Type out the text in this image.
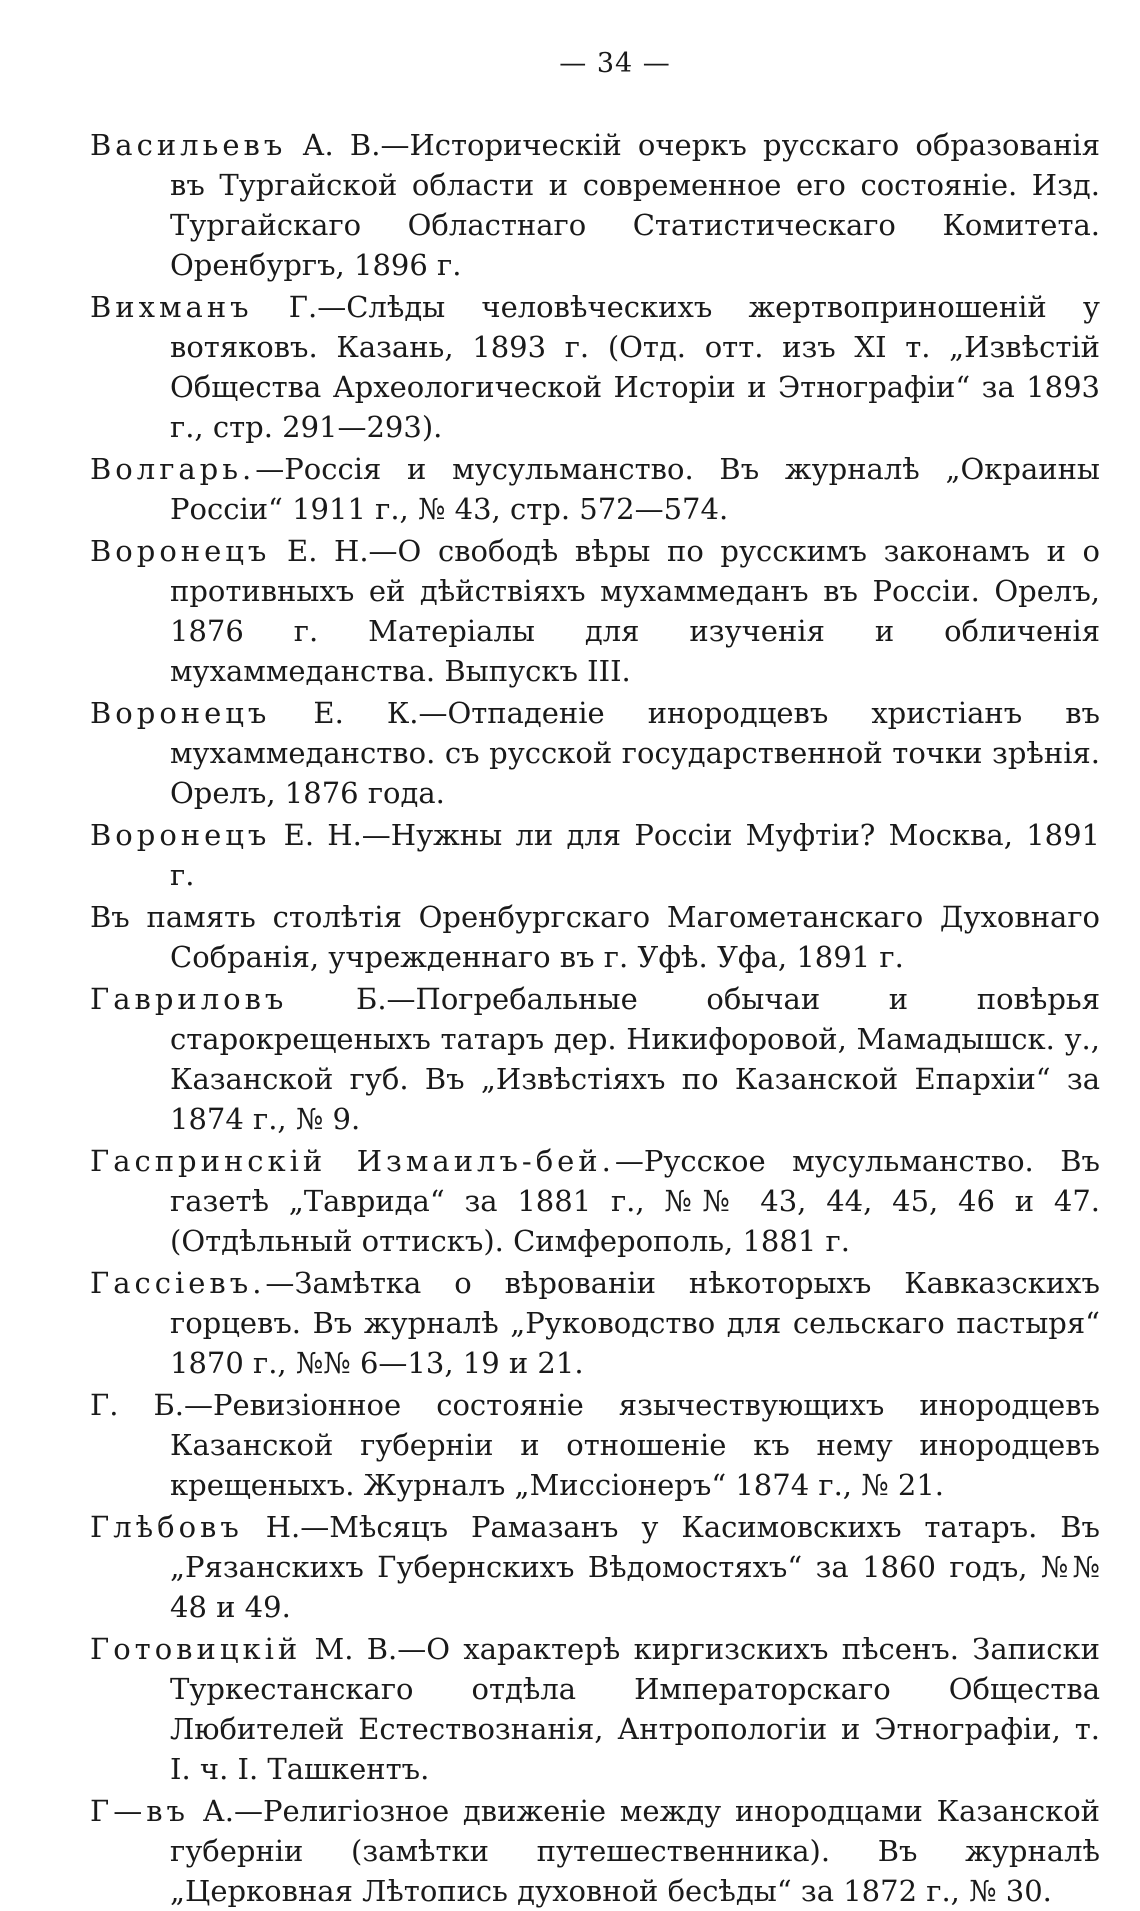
— 34 —
Васильевъ А. В.—Историческій очеркъ русскаго образованія въ Тургайской области и современное его состояніе. Изд. Тургайскаго Областнаго Статистическаго Комитета. Оренбургъ, 1896 г.
Вихманъ Г.—Слѣды человѣческихъ жертвоприношеній у вотяковъ. Казань, 1893 г. (Отд. отт. изъ XI т. „Извѣстій Общества Археологической Исторіи и Этнографіи“ за 1893 г., стр. 291—293).
Волгарь.—Россія и мусульманство. Въ журналѣ „Окраины Россіи“ 1911 г., № 43, стр. 572—574.
Воронецъ Е. Н.—О свободѣ вѣры по русскимъ законамъ и о противныхъ ей дѣйствіяхъ мухаммеданъ въ Россіи. Орелъ, 1876 г. Матеріалы для изученія и обличенія мухаммеданства. Выпускъ III.
Воронецъ Е. К.—Отпаденіе инородцевъ христіанъ въ мухаммеданство. съ русской государственной точки зрѣнія. Орелъ, 1876 года.
Воронецъ Е. Н.—Нужны ли для Россіи Муфтіи? Москва, 1891 г.
Въ память столѣтія Оренбургскаго Магометанскаго Духовнаго Собранія, учрежденнаго въ г. Уфѣ. Уфа, 1891 г.
Гавриловъ Б.—Погребальные обычаи и повѣрья старокрещеныхъ татаръ дер. Никифоровой, Мамадышск. у., Казанской губ. Въ „Извѣстіяхъ по Казанской Епархіи“ за 1874 г., № 9.
Гаспринскій Измаилъ-бей.—Русское мусульманство. Въ газетѣ „Таврида“ за 1881 г., №№ 43, 44, 45, 46 и 47. (Отдѣльный оттискъ). Симферополь, 1881 г.
Гассіевъ.—Замѣтка о вѣрованіи нѣкоторыхъ Кавказскихъ горцевъ. Въ журналѣ „Руководство для сельскаго пастыря“ 1870 г., №№ 6—13, 19 и 21.
Г. Б.—Ревизіонное состояніе язычествующихъ инородцевъ Казанской губерніи и отношеніе къ нему инородцевъ крещеныхъ. Журналъ „Миссіонеръ“ 1874 г., № 21.
Глѣбовъ Н.—Мѣсяцъ Рамазанъ у Касимовскихъ татаръ. Въ „Рязанскихъ Губернскихъ Вѣдомостяхъ“ за 1860 годъ, №№ 48 и 49.
Готовицкій М. В.—О характерѣ киргизскихъ пѣсенъ. Записки Туркестанскаго отдѣла Императорскаго Общества Любителей Естествознанія, Антропологіи и Этнографіи, т. I. ч. I. Ташкентъ.
Г—въ А.—Религіозное движеніе между инородцами Казанской губерніи (замѣтки путешественника). Въ журналѣ „Церковная Лѣтопись духовной бесѣды“ за 1872 г., № 30.
